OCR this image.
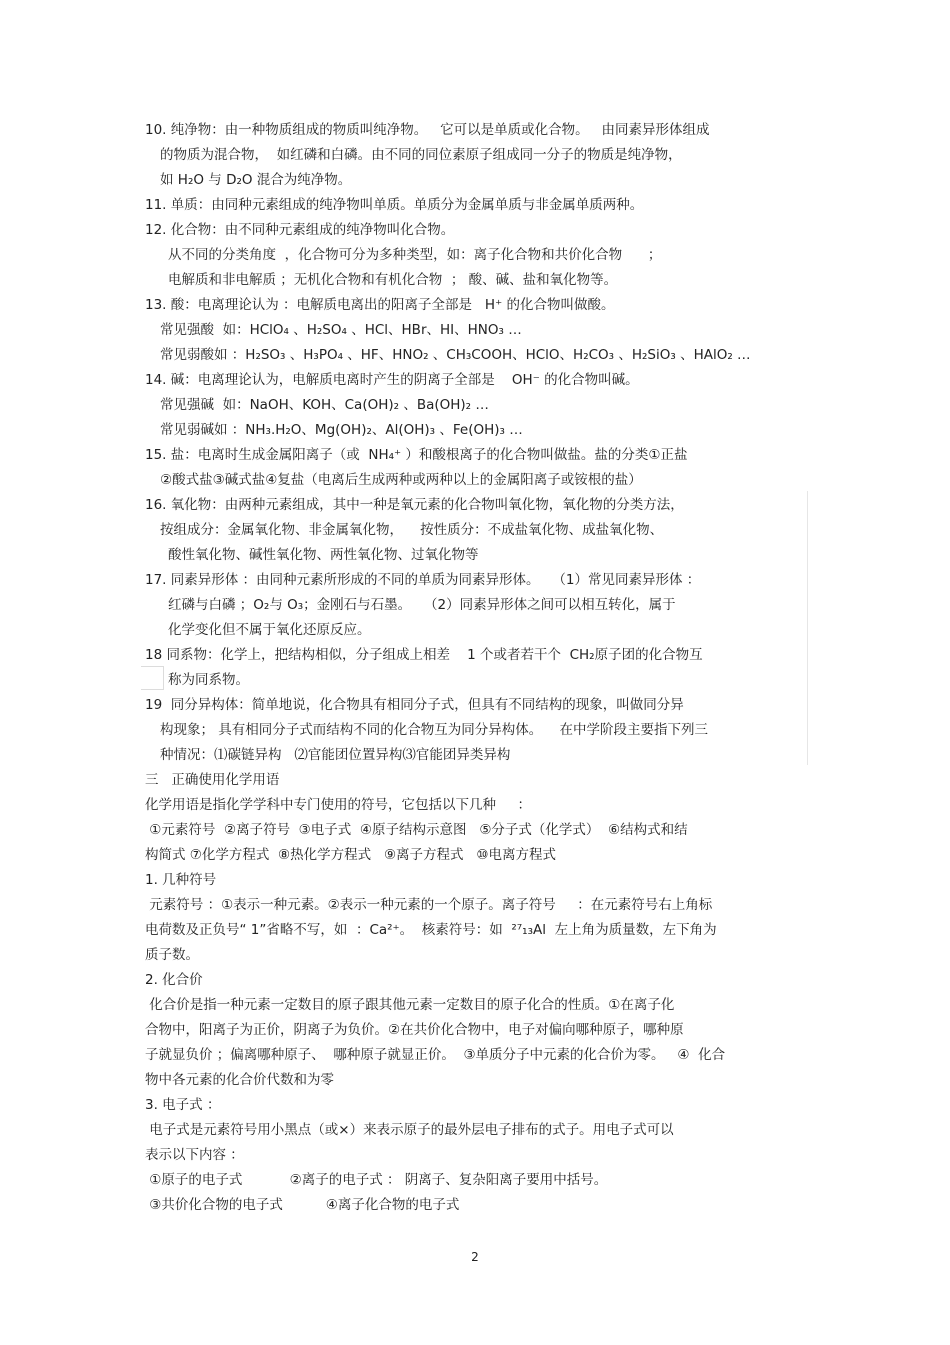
10. 纯净物：由一种物质组成的物质叫纯净物。   它可以是单质或化合物。   由同素异形体组成
的物质为混合物，  如红磷和白磷。由不同的同位素原子组成同一分子的物质是纯净物，
如 H₂O 与 D₂O 混合为纯净物。
11. 单质：由同种元素组成的纯净物叫单质。单质分为金属单质与非金属单质两种。
12. 化合物：由不同种元素组成的纯净物叫化合物。
从不同的分类角度  ，化合物可分为多种类型，如：离子化合物和共价化合物      ；
电解质和非电解质 ；无机化合物和有机化合物  ； 酸、碱、盐和氧化物等。
13. 酸：电离理论认为 ：电解质电离出的阳离子全部是   H⁺ 的化合物叫做酸。
常见强酸  如：HClO₄ 、H₂SO₄ 、HCl、HBr、HI、HNO₃ …
常见弱酸如 ：H₂SO₃ 、H₃PO₄ 、HF、HNO₂ 、CH₃COOH、HClO、H₂CO₃ 、H₂SiO₃ 、HAlO₂ …
14. 碱：电离理论认为，电解质电离时产生的阴离子全部是    OH⁻ 的化合物叫碱。
常见强碱  如：NaOH、KOH、Ca(OH)₂ 、Ba(OH)₂ …
常见弱碱如 ：NH₃.H₂O、Mg(OH)₂、Al(OH)₃ 、Fe(OH)₃ …
15. 盐：电离时生成金属阳离子（或  NH₄⁺ ）和酸根离子的化合物叫做盐。盐的分类①正盐
②酸式盐③碱式盐④复盐（电离后生成两种或两种以上的金属阳离子或铵根的盐）
16. 氧化物：由两种元素组成，其中一种是氧元素的化合物叫氧化物，氧化物的分类方法，
按组成分：金属氧化物、非金属氧化物，    按性质分：不成盐氧化物、成盐氧化物、
酸性氧化物、碱性氧化物、两性氧化物、过氧化物等
17. 同素异形体 ：由同种元素所形成的不同的单质为同素异形体。   （1）常见同素异形体 ：
红磷与白磷 ；O₂与 O₃；金刚石与石墨。   （2）同素异形体之间可以相互转化，属于
化学变化但不属于氧化还原反应。
18 同系物：化学上，把结构相似，分子组成上相差    1 个或者若干个  CH₂原子团的化合物互
称为同系物。
19  同分异构体：简单地说，化合物具有相同分子式，但具有不同结构的现象，叫做同分异
构现象； 具有相同分子式而结构不同的化合物互为同分异构体。    在中学阶段主要指下列三
种情况：⑴碳链异构   ⑵官能团位置异构⑶官能团异类异构
三   正确使用化学用语
化学用语是指化学学科中专门使用的符号，它包括以下几种     ：
①元素符号  ②离子符号  ③电子式  ④原子结构示意图   ⑤分子式（化学式）  ⑥结构式和结
构简式 ⑦化学方程式  ⑧热化学方程式   ⑨离子方程式   ⑩电离方程式
1. 几种符号
元素符号 ：①表示一种元素。②表示一种元素的一个原子。离子符号     ：在元素符号右上角标
电荷数及正负号“ 1”省略不写，如  ：Ca²⁺。  核素符号：如  ²⁷₁₃Al  左上角为质量数，左下角为
质子数。
2. 化合价
化合价是指一种元素一定数目的原子跟其他元素一定数目的原子化合的性质。①在离子化
合物中，阳离子为正价，阴离子为负价。②在共价化合物中，电子对偏向哪种原子，哪种原
子就显负价 ；偏离哪种原子、  哪种原子就显正价。  ③单质分子中元素的化合价为零。   ④  化合
物中各元素的化合价代数和为零
3. 电子式 ：
电子式是元素符号用小黑点（或×）来表示原子的最外层电子排布的式子。用电子式可以
表示以下内容 ：
①原子的电子式           ②离子的电子式 ： 阴离子、复杂阳离子要用中括号。
③共价化合物的电子式          ④离子化合物的电子式
2
